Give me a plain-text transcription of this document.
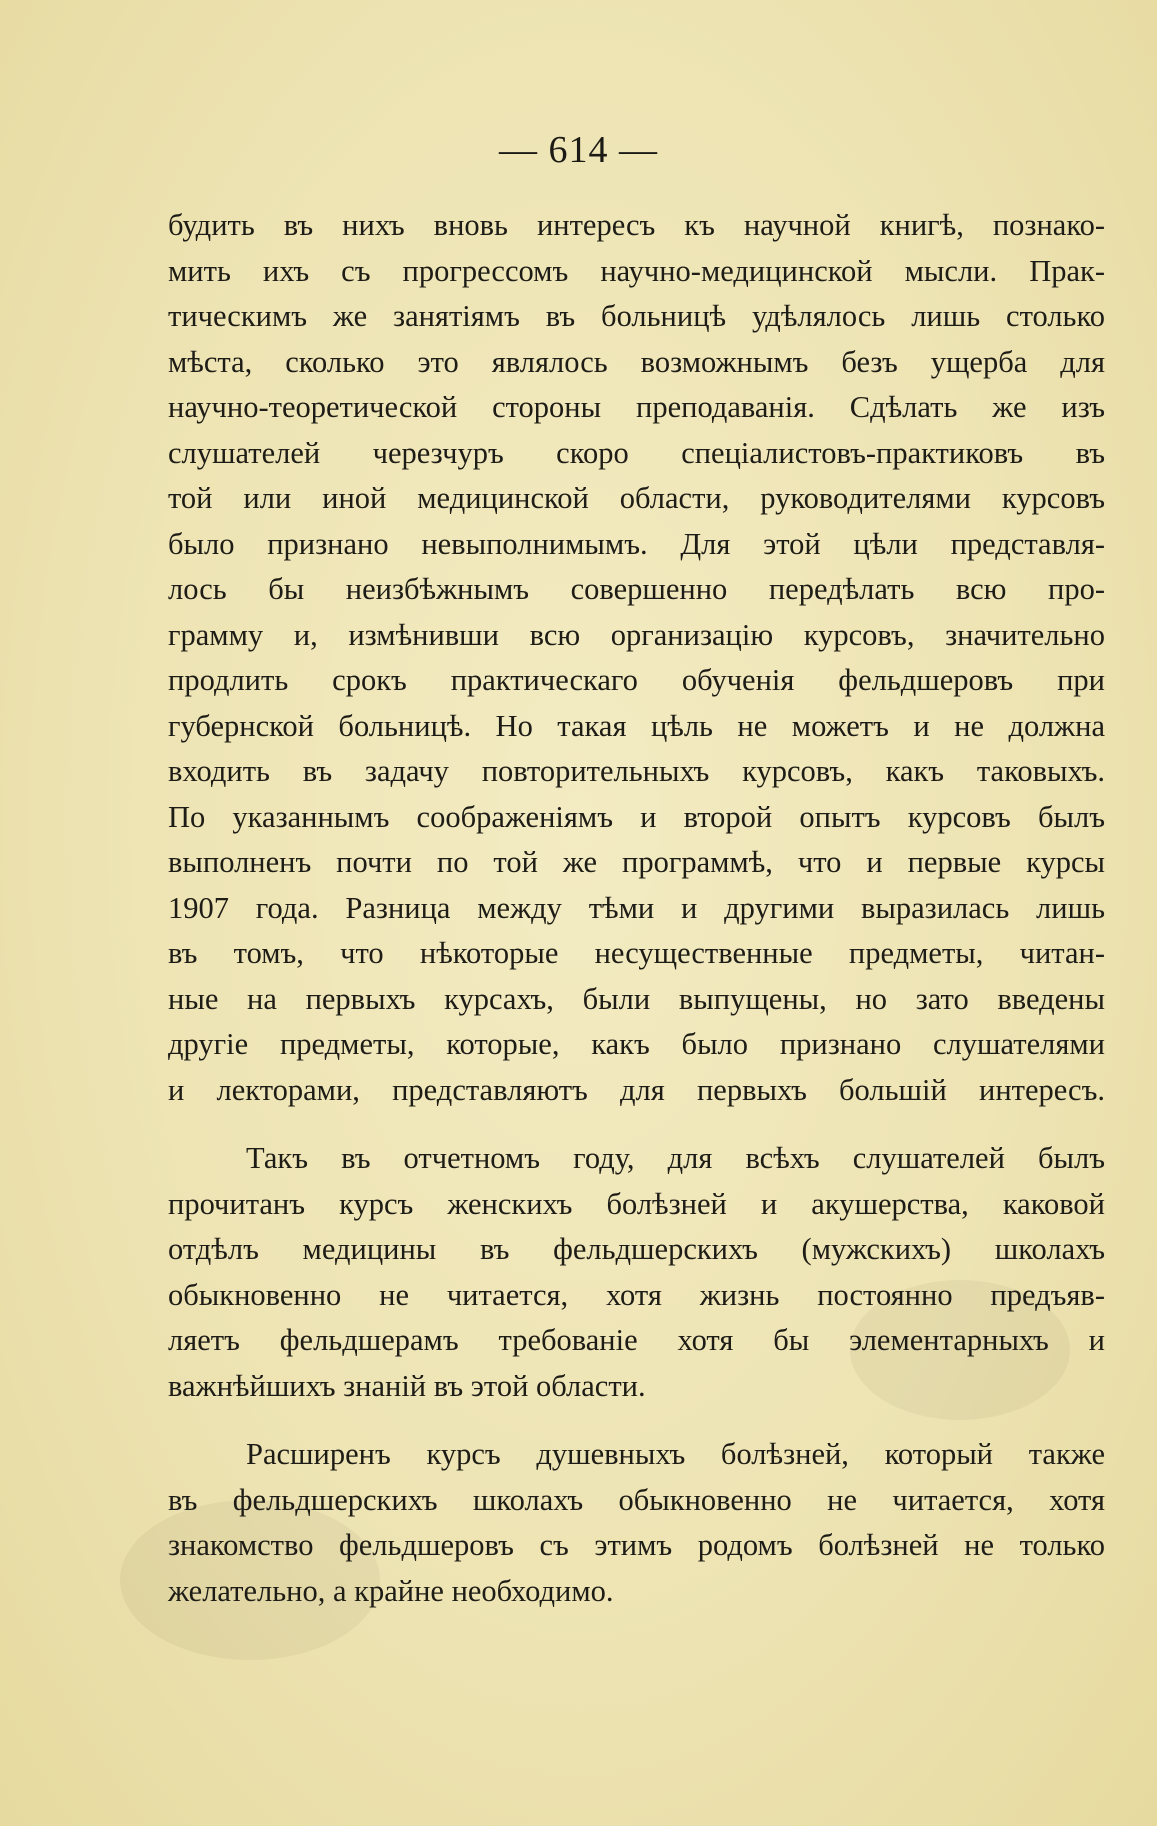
— 614 —
будить въ нихъ вновь интересъ къ научной книгѣ, познако-
мить ихъ съ прогрессомъ научно-медицинской мысли. Прак-
тическимъ же занятiямъ въ больницѣ удѣлялось лишь столько
мѣста, сколько это являлось возможнымъ безъ ущерба для
научно-теоретической стороны преподаванiя. Сдѣлать же изъ
слушателей черезчуръ скоро спецiалистовъ-практиковъ въ
той или иной медицинской области, руководителями курсовъ
было признано невыполнимымъ. Для этой цѣли представля-
лось бы неизбѣжнымъ совершенно передѣлать всю про-
грамму и, измѣнивши всю организацiю курсовъ, значительно
продлить срокъ практическаго обученiя фельдшеровъ при
губернской больницѣ. Но такая цѣль не можетъ и не должна
входить въ задачу повторительныхъ курсовъ, какъ таковыхъ.
По указаннымъ соображенiямъ и второй опытъ курсовъ былъ
выполненъ почти по той же программѣ, что и первые курсы
1907 года. Разница между тѣми и другими выразилась лишь
въ томъ, что нѣкоторые несущественные предметы, читан-
ные на первыхъ курсахъ, были выпущены, но зато введены
другiе предметы, которые, какъ было признано слушателями
и лекторами, представляютъ для первыхъ большiй интересъ.
Такъ въ отчетномъ году, для всѣхъ слушателей былъ
прочитанъ курсъ женскихъ болѣзней и акушерства, каковой
отдѣлъ медицины въ фельдшерскихъ (мужскихъ) школахъ
обыкновенно не читается, хотя жизнь постоянно предъяв-
ляетъ фельдшерамъ требованiе хотя бы элементарныхъ и
важнѣйшихъ знанiй въ этой области.
Расширенъ курсъ душевныхъ болѣзней, который также
въ фельдшерскихъ школахъ обыкновенно не читается, хотя
знакомство фельдшеровъ съ этимъ родомъ болѣзней не только
желательно, а крайне необходимо.
